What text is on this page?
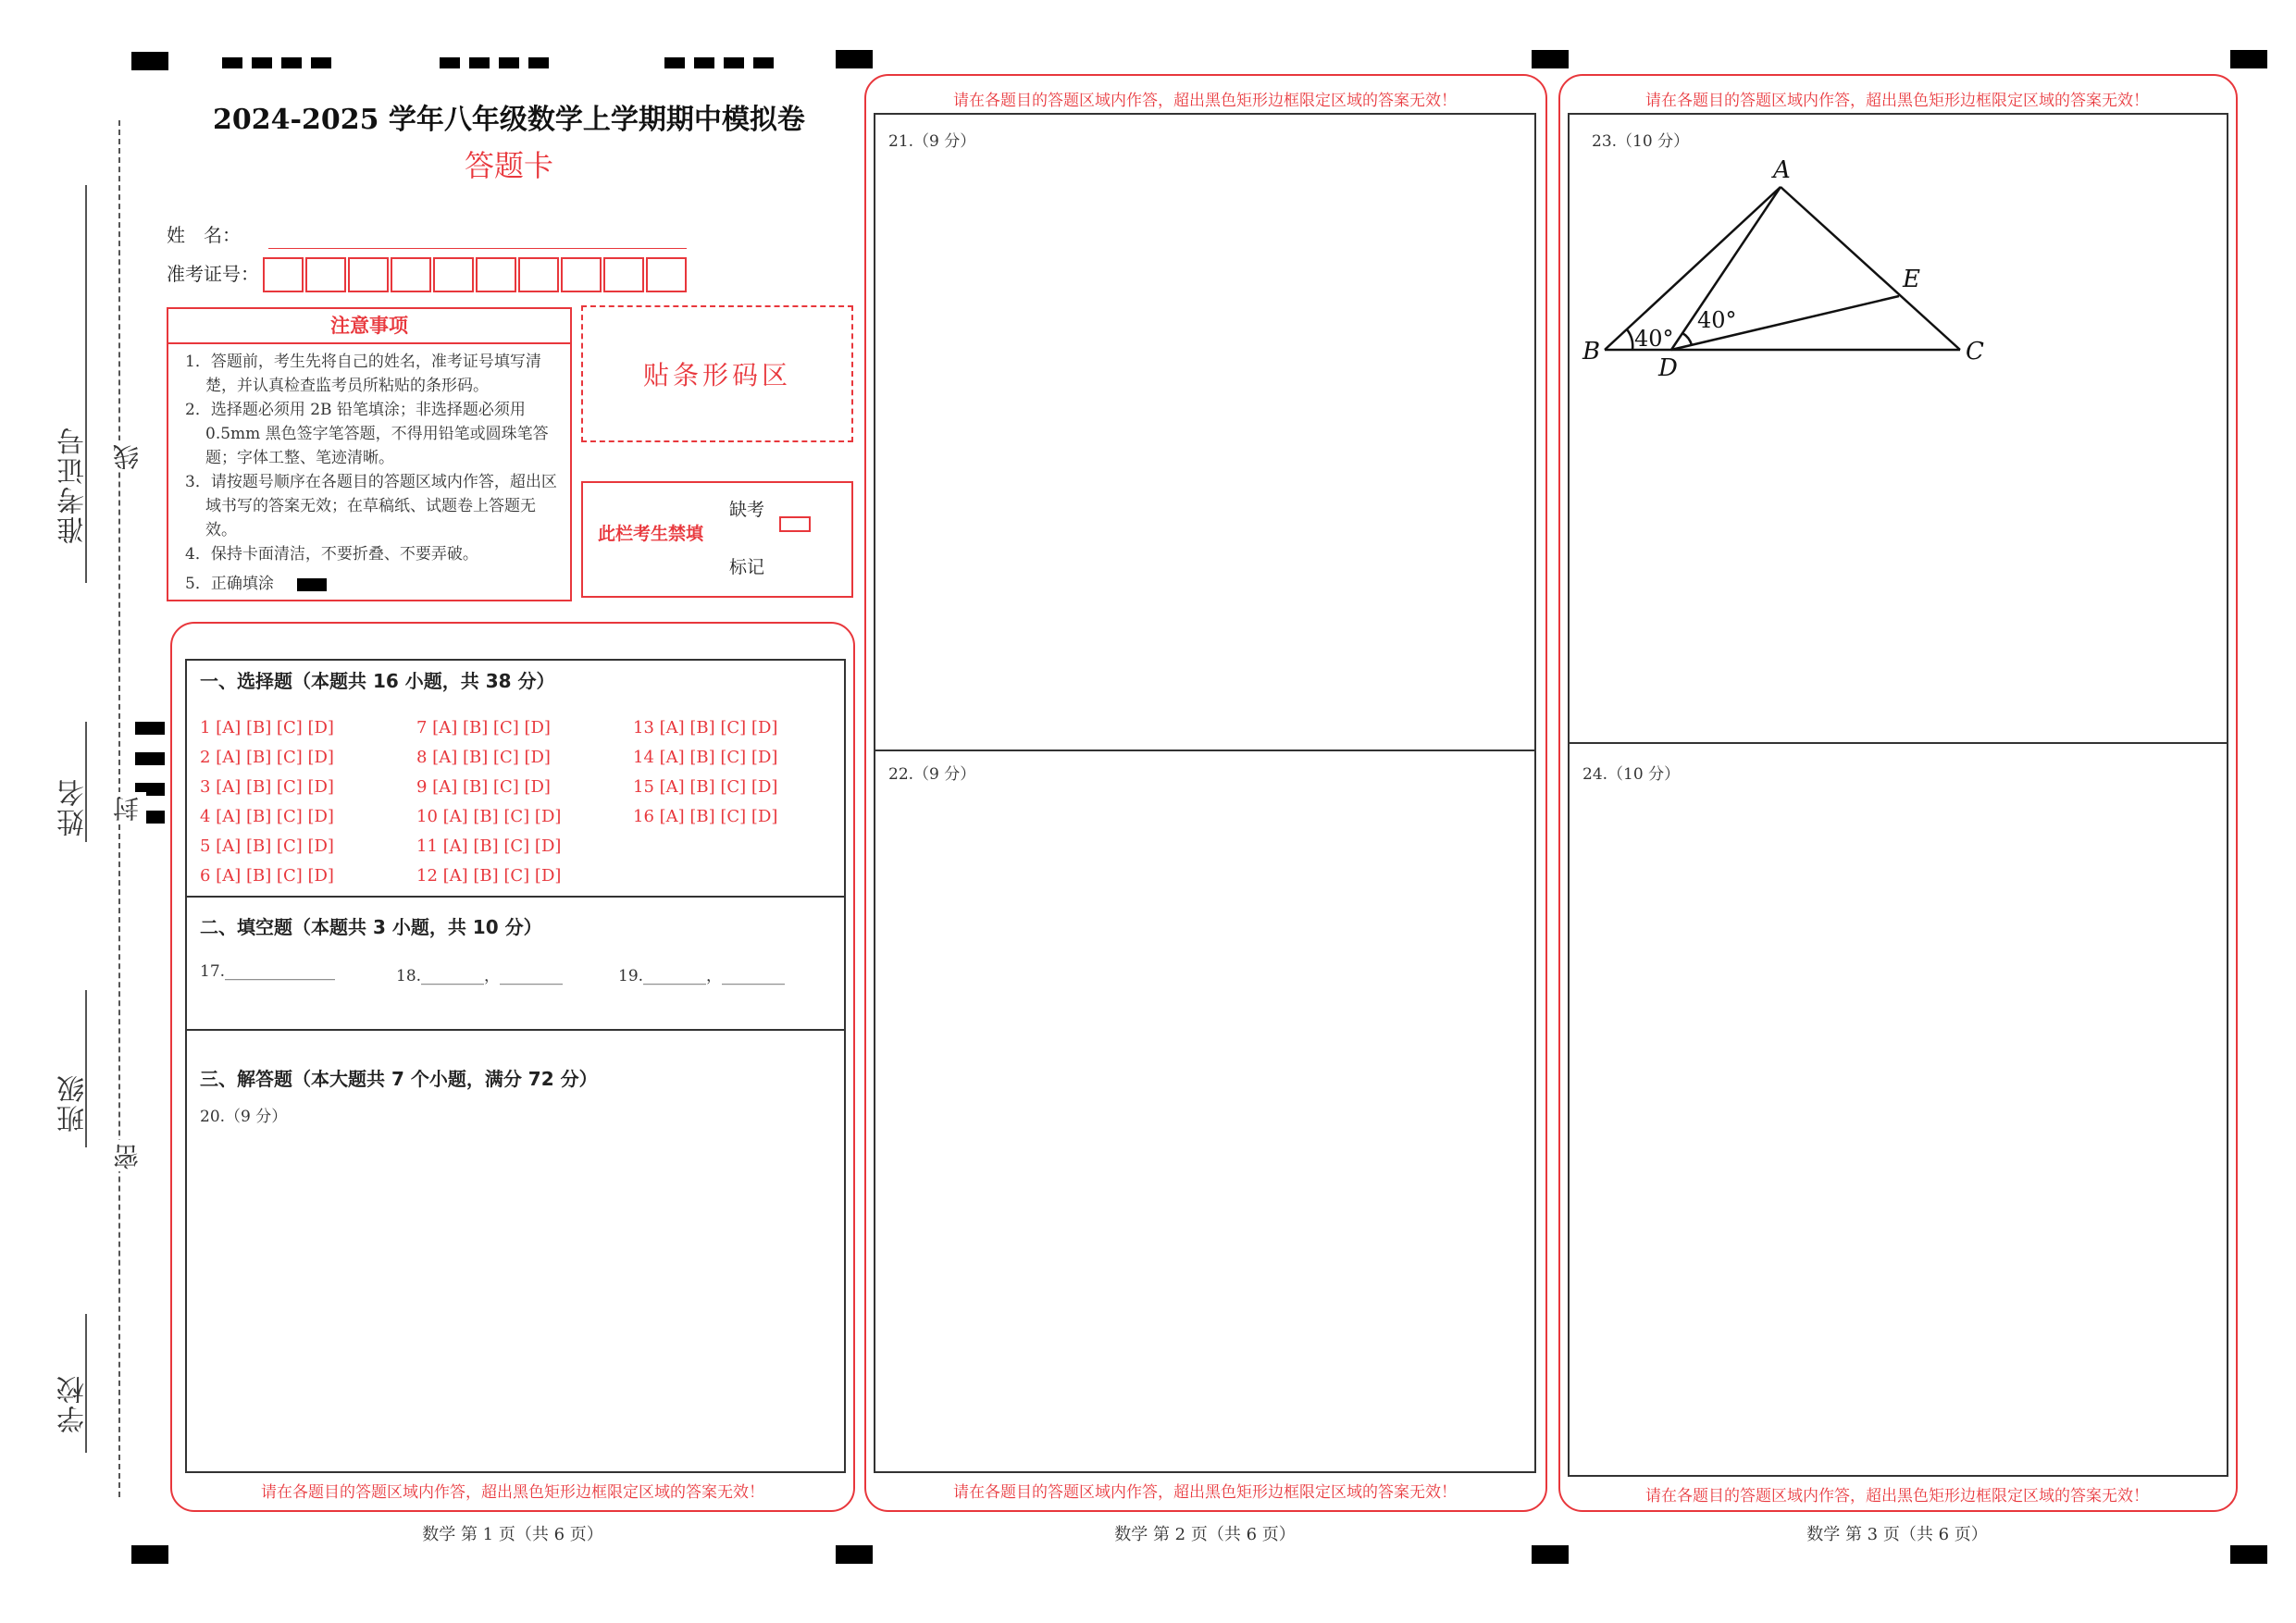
准考证号
姓名
班级
学校
线
封
密
2024-2025 学年八年级数学上学期期中模拟卷
答题卡
姓　名：
准考证号：
注意事项
1．答题前，考生先将自己的姓名，准考证号填写清楚，并认真检查监考员所粘贴的条形码。
2．选择题必须用 2B 铅笔填涂；非选择题必须用 0.5mm 黑色签字笔答题，不得用铅笔或圆珠笔答题；字体工整、笔迹清晰。
3．请按题号顺序在各题目的答题区域内作答，超出区域书写的答案无效；在草稿纸、试题卷上答题无效。
4．保持卡面清洁，不要折叠、不要弄破。
5．正确填涂
贴条形码区
此栏考生禁填
缺考
标记
一、选择题（本题共 16 小题，共 38 分）
1 [A] [B] [C] [D]
2 [A] [B] [C] [D]
3 [A] [B] [C] [D]
4 [A] [B] [C] [D]
5 [A] [B] [C] [D]
6 [A] [B] [C] [D]
7 [A] [B] [C] [D]
8 [A] [B] [C] [D]
9 [A] [B] [C] [D]
10 [A] [B] [C] [D]
11 [A] [B] [C] [D]
12 [A] [B] [C] [D]
13 [A] [B] [C] [D]
14 [A] [B] [C] [D]
15 [A] [B] [C] [D]
16 [A] [B] [C] [D]
二、填空题（本题共 3 小题，共 10 分）
17.______________	18.________，________	19.________，________
三、解答题（本大题共 7 个小题，满分 72 分）
20.（9 分）
请在各题目的答题区域内作答，超出黑色矩形边框限定区域的答案无效！
数学 第 1 页（共 6 页）
请在各题目的答题区域内作答，超出黑色矩形边框限定区域的答案无效！
21.（9 分）
22.（9 分）
请在各题目的答题区域内作答，超出黑色矩形边框限定区域的答案无效！
数学 第 2 页（共 6 页）
请在各题目的答题区域内作答，超出黑色矩形边框限定区域的答案无效！
23.（10 分）
A
B	C
D
E
40°
40°
24.（10 分）
请在各题目的答题区域内作答，超出黑色矩形边框限定区域的答案无效！
数学 第 3 页（共 6 页）
